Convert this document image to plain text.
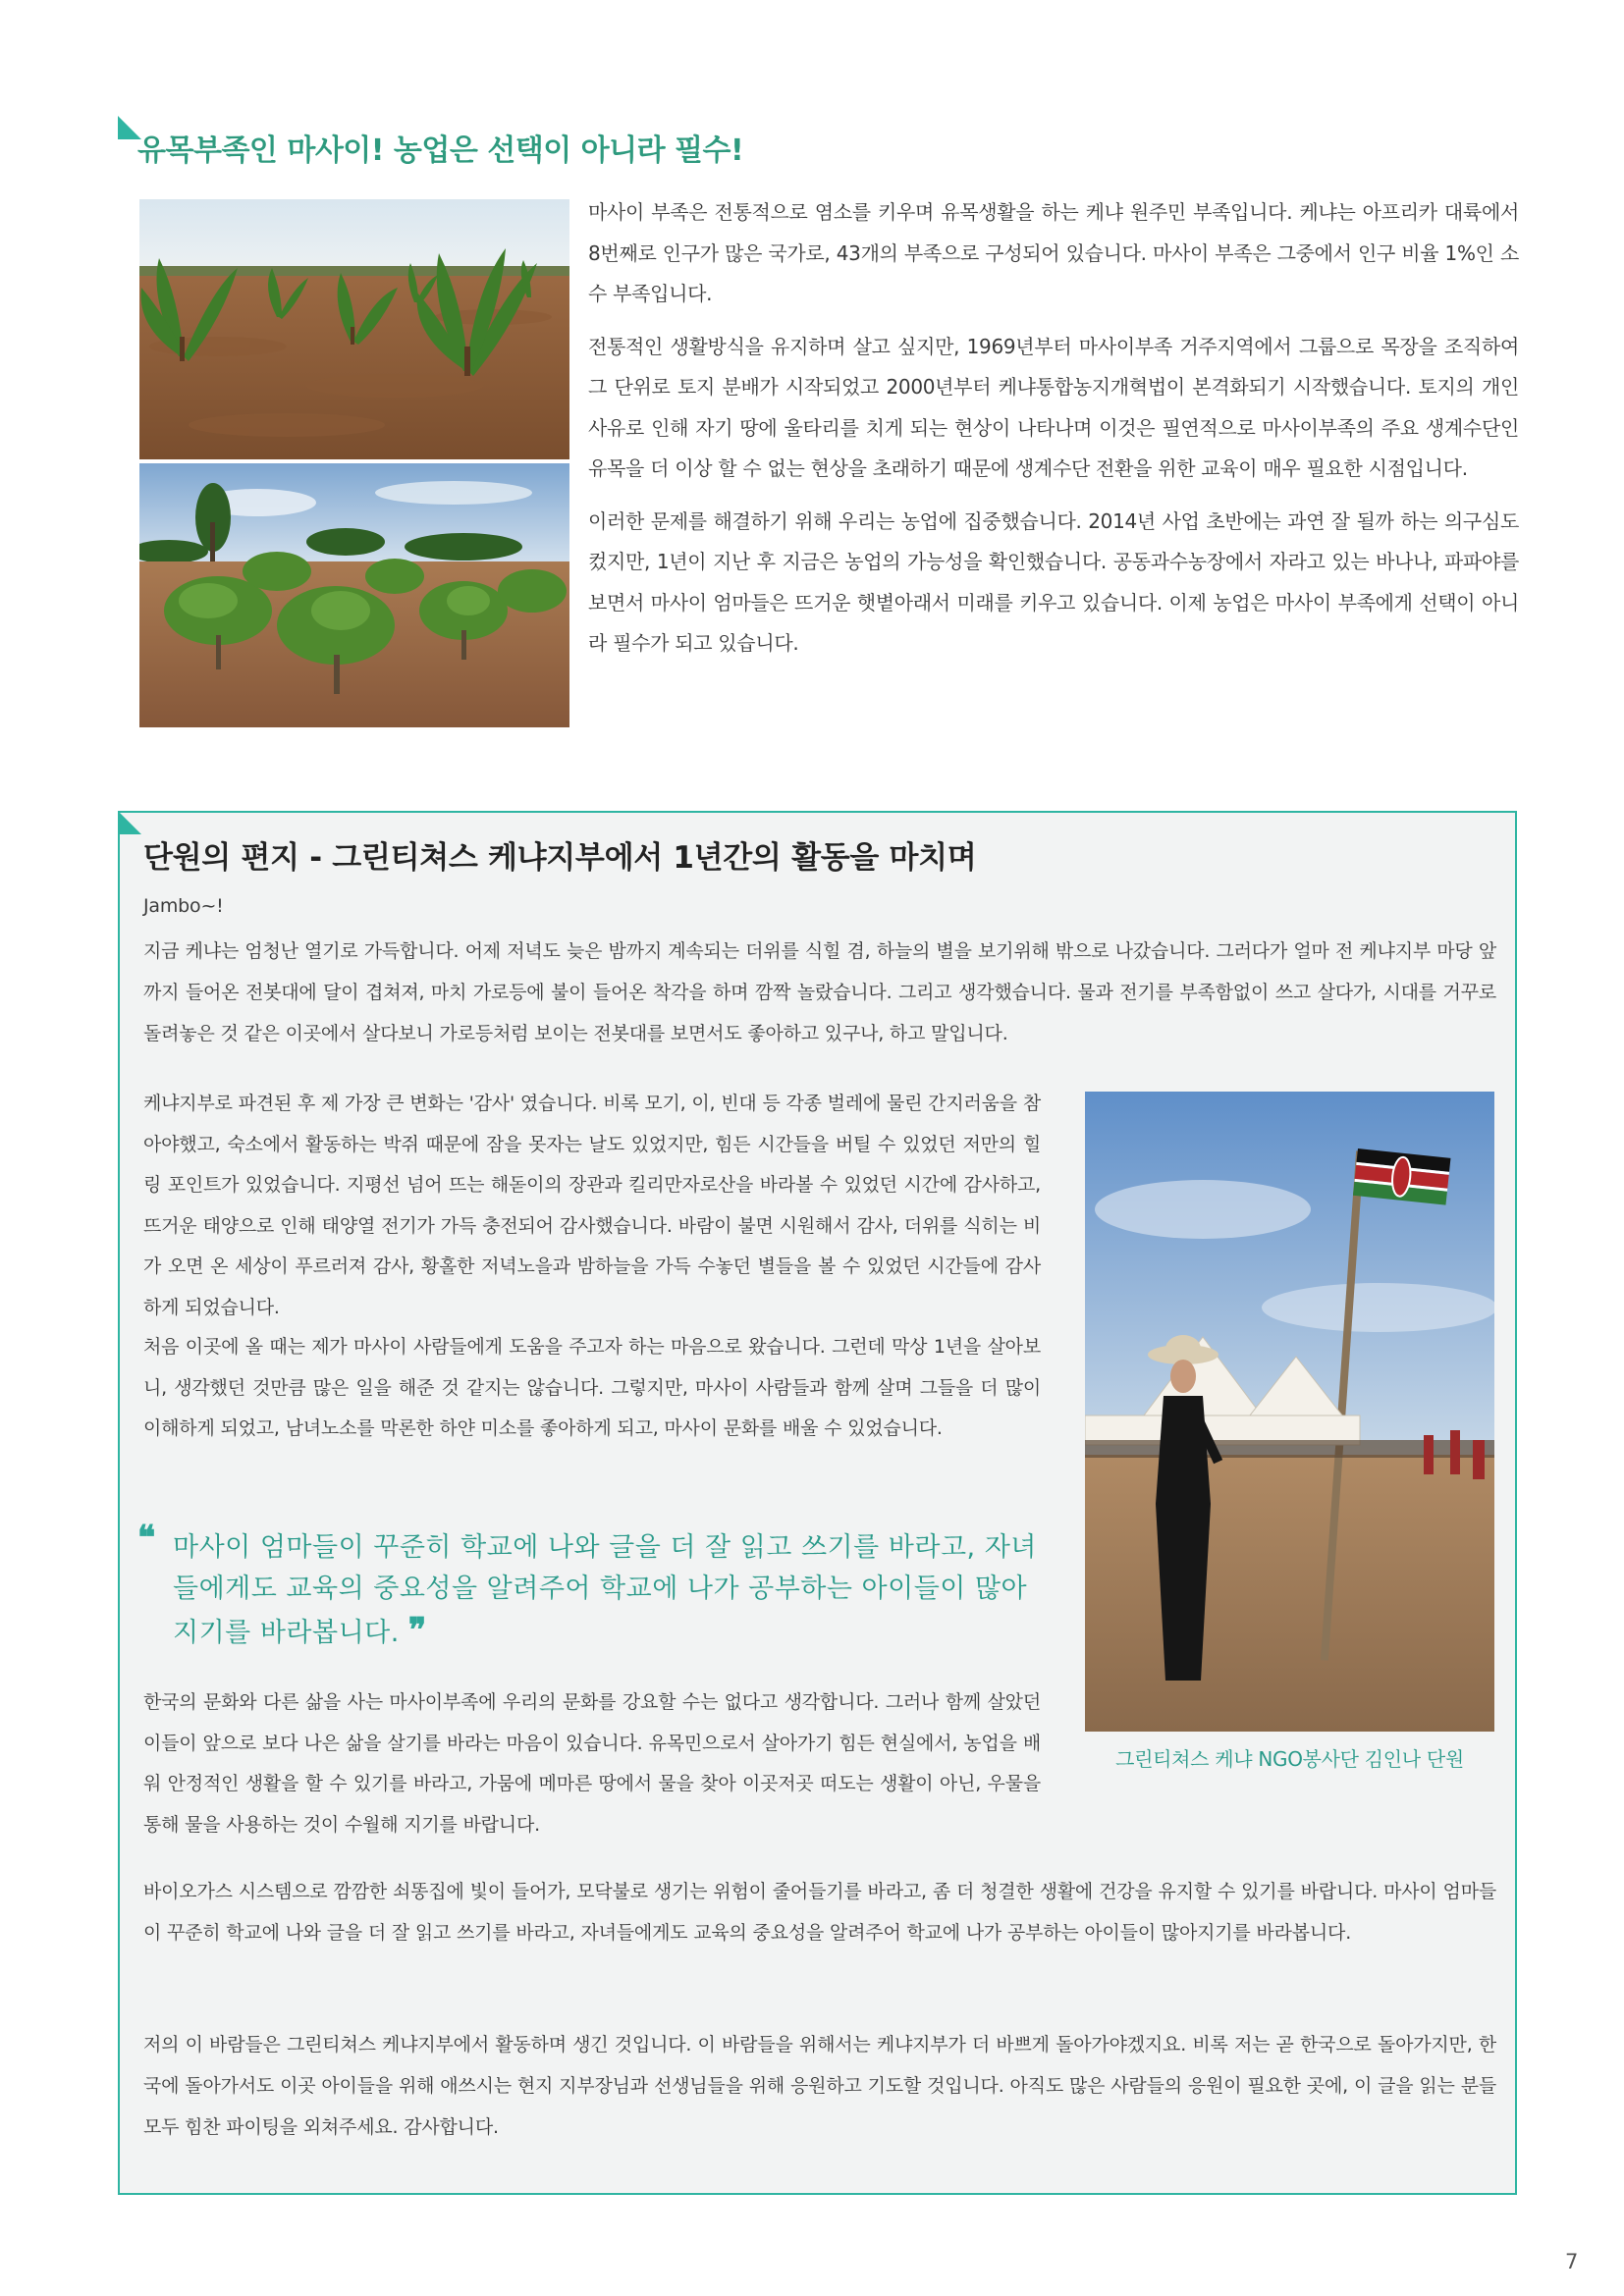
유목부족인 마사이! 농업은 선택이 아니라 필수!

마사이 부족은 전통적으로 염소를 키우며 유목생활을 하는 케냐 원주민 부족입니다. 케냐는 아프리카 대륙에서 8번째로 인구가 많은 국가로, 43개의 부족으로 구성되어 있습니다. 마사이 부족은 그중에서 인구 비율 1%인 소수 부족입니다.

전통적인 생활방식을 유지하며 살고 싶지만, 1969년부터 마사이부족 거주지역에서 그룹으로 목장을 조직하여 그 단위로 토지 분배가 시작되었고 2000년부터 케냐통합농지개혁법이 본격화되기 시작했습니다. 토지의 개인 사유로 인해 자기 땅에 울타리를 치게 되는 현상이 나타나며 이것은 필연적으로 마사이부족의 주요 생계수단인 유목을 더 이상 할 수 없는 현상을 초래하기 때문에 생계수단 전환을 위한 교육이 매우 필요한 시점입니다.

이러한 문제를 해결하기 위해 우리는 농업에 집중했습니다. 2014년 사업 초반에는 과연 잘 될까 하는 의구심도 컸지만, 1년이 지난 후 지금은 농업의 가능성을 확인했습니다. 공동과수농장에서 자라고 있는 바나나, 파파야를 보면서 마사이 엄마들은 뜨거운 햇볕아래서 미래를 키우고 있습니다. 이제 농업은 마사이 부족에게 선택이 아니라 필수가 되고 있습니다.

단원의 편지 - 그린티쳐스 케냐지부에서 1년간의 활동을 마치며
Jambo~!

지금 케냐는 엄청난 열기로 가득합니다. 어제 저녁도 늦은 밤까지 계속되는 더위를 식힐 겸, 하늘의 별을 보기위해 밖으로 나갔습니다. 그러다가 얼마 전 케냐지부 마당 앞까지 들어온 전봇대에 달이 겹쳐져, 마치 가로등에 불이 들어온 착각을 하며 깜짝 놀랐습니다. 그리고 생각했습니다. 물과 전기를 부족함없이 쓰고 살다가, 시대를 거꾸로 돌려놓은 것 같은 이곳에서 살다보니 가로등처럼 보이는 전봇대를 보면서도 좋아하고 있구나, 하고 말입니다.

케냐지부로 파견된 후 제 가장 큰 변화는 '감사' 였습니다. 비록 모기, 이, 빈대 등 각종 벌레에 물린 간지러움을 참아야했고, 숙소에서 활동하는 박쥐 때문에 잠을 못자는 날도 있었지만, 힘든 시간들을 버틸 수 있었던 저만의 힐링 포인트가 있었습니다. 지평선 넘어 뜨는 해돋이의 장관과 킬리만자로산을 바라볼 수 있었던 시간에 감사하고, 뜨거운 태양으로 인해 태양열 전기가 가득 충전되어 감사했습니다. 바람이 불면 시원해서 감사, 더위를 식히는 비가 오면 온 세상이 푸르러져 감사, 황홀한 저녁노을과 밤하늘을 가득 수놓던 별들을 볼 수 있었던 시간들에 감사하게 되었습니다.

처음 이곳에 올 때는 제가 마사이 사람들에게 도움을 주고자 하는 마음으로 왔습니다. 그런데 막상 1년을 살아보니, 생각했던 것만큼 많은 일을 해준 것 같지는 않습니다. 그렇지만, 마사이 사람들과 함께 살며 그들을 더 많이 이해하게 되었고, 남녀노소를 막론한 하얀 미소를 좋아하게 되고, 마사이 문화를 배울 수 있었습니다.

❝ 마사이 엄마들이 꾸준히 학교에 나와 글을 더 잘 읽고 쓰기를 바라고, 자녀들에게도 교육의 중요성을 알려주어 학교에 나가 공부하는 아이들이 많아지기를 바라봅니다. ❞

한국의 문화와 다른 삶을 사는 마사이부족에 우리의 문화를 강요할 수는 없다고 생각합니다. 그러나 함께 살았던 이들이 앞으로 보다 나은 삶을 살기를 바라는 마음이 있습니다. 유목민으로서 살아가기 힘든 현실에서, 농업을 배워 안정적인 생활을 할 수 있기를 바라고, 가뭄에 메마른 땅에서 물을 찾아 이곳저곳 떠도는 생활이 아닌, 우물을 통해 물을 사용하는 것이 수월해 지기를 바랍니다.

바이오가스 시스템으로 깜깜한 쇠똥집에 빛이 들어가, 모닥불로 생기는 위험이 줄어들기를 바라고, 좀 더 청결한 생활에 건강을 유지할 수 있기를 바랍니다. 마사이 엄마들이 꾸준히 학교에 나와 글을 더 잘 읽고 쓰기를 바라고, 자녀들에게도 교육의 중요성을 알려주어 학교에 나가 공부하는 아이들이 많아지기를 바라봅니다.

저의 이 바람들은 그린티쳐스 케냐지부에서 활동하며 생긴 것입니다. 이 바람들을 위해서는 케냐지부가 더 바쁘게 돌아가야겠지요. 비록 저는 곧 한국으로 돌아가지만, 한국에 돌아가서도 이곳 아이들을 위해 애쓰시는 현지 지부장님과 선생님들을 위해 응원하고 기도할 것입니다. 아직도 많은 사람들의 응원이 필요한 곳에, 이 글을 읽는 분들 모두 힘찬 파이팅을 외쳐주세요. 감사합니다.

그린티쳐스 케냐 NGO봉사단 김인나 단원
7
